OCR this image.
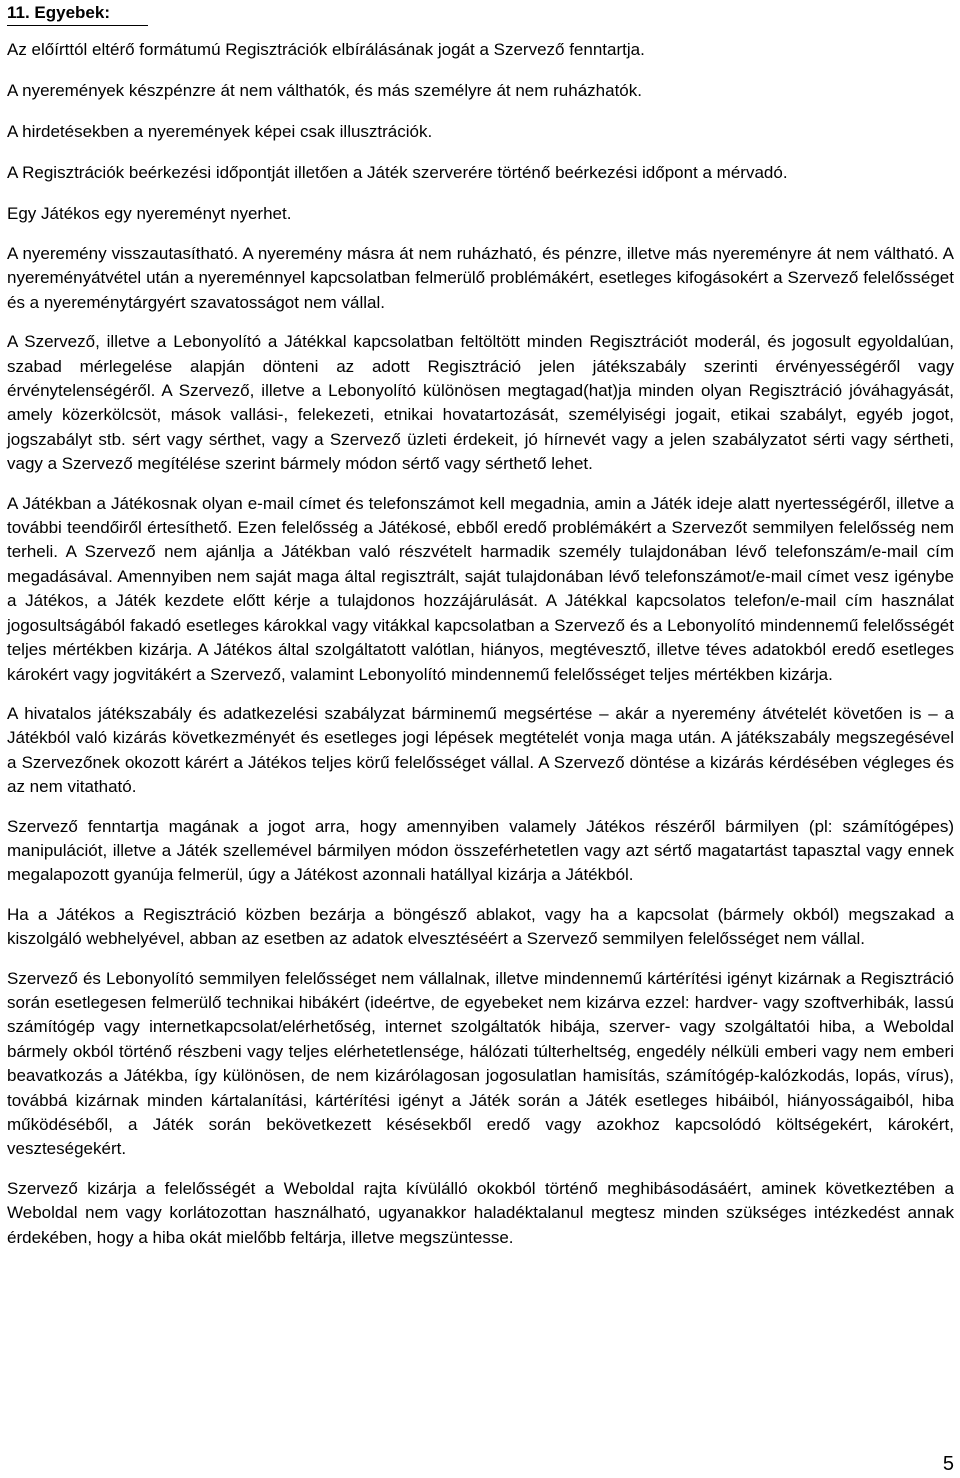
11. Egyebek:

Az előírttól eltérő formátumú Regisztrációk elbírálásának jogát a Szervező fenntartja.

A nyeremények készpénzre át nem válthatók, és más személyre át nem ruházhatók.

A hirdetésekben a nyeremények képei csak illusztrációk.

A Regisztrációk beérkezési időpontját illetően a Játék szerverére történő beérkezési időpont a mérvadó.

Egy Játékos egy nyereményt nyerhet.

A nyeremény visszautasítható. A nyeremény másra át nem ruházható, és pénzre, illetve más nyereményre át nem váltható. A nyereményátvétel után a nyereménnyel kapcsolatban felmerülő problémákért, esetleges kifogásokért a Szervező felelősséget és a nyereménytárgyért szavatosságot nem vállal.

A Szervező, illetve a Lebonyolító a Játékkal kapcsolatban feltöltött minden Regisztrációt moderál, és jogosult egyoldalúan, szabad mérlegelése alapján dönteni az adott Regisztráció jelen játékszabály szerinti érvényességéről vagy érvénytelenségéről. A Szervező, illetve a Lebonyolító különösen megtagad(hat)ja minden olyan Regisztráció jóváhagyását, amely közerkölcsöt, mások vallási-, felekezeti, etnikai hovatartozását, személyiségi jogait, etikai szabályt, egyéb jogot, jogszabályt stb. sért vagy sérthet, vagy a Szervező üzleti érdekeit, jó hírnevét vagy a jelen szabályzatot sérti vagy sértheti, vagy a Szervező megítélése szerint bármely módon sértő vagy sérthető lehet.

A Játékban a Játékosnak olyan e-mail címet és telefonszámot kell megadnia, amin a Játék ideje alatt nyertességéről, illetve a további teendőiről értesíthető. Ezen felelősség a Játékosé, ebből eredő problémákért a Szervezőt semmilyen felelősség nem terheli. A Szervező nem ajánlja a Játékban való részvételt harmadik személy tulajdonában lévő telefonszám/e-mail cím megadásával. Amennyiben nem saját maga által regisztrált, saját tulajdonában lévő telefonszámot/e-mail címet vesz igénybe a Játékos, a Játék kezdete előtt kérje a tulajdonos hozzájárulását. A Játékkal kapcsolatos telefon/e-mail cím használat jogosultságából fakadó esetleges károkkal vagy vitákkal kapcsolatban a Szervező és a Lebonyolító mindennemű felelősségét teljes mértékben kizárja. A Játékos által szolgáltatott valótlan, hiányos, megtévesztő, illetve téves adatokból eredő esetleges károkért vagy jogvitákért a Szervező, valamint Lebonyolító mindennemű felelősséget teljes mértékben kizárja.

A hivatalos játékszabály és adatkezelési szabályzat bárminemű megsértése – akár a nyeremény átvételét követően is – a Játékból való kizárás következményét és esetleges jogi lépések megtételét vonja maga után. A játékszabály megszegésével a Szervezőnek okozott kárért a Játékos teljes körű felelősséget vállal. A Szervező döntése a kizárás kérdésében végleges és az nem vitatható.

Szervező fenntartja magának a jogot arra, hogy amennyiben valamely Játékos részéről bármilyen (pl: számítógépes) manipulációt, illetve a Játék szellemével bármilyen módon összeférhetetlen vagy azt sértő magatartást tapasztal vagy ennek megalapozott gyanúja felmerül, úgy a Játékost azonnali hatállyal kizárja a Játékból.

Ha a Játékos a Regisztráció közben bezárja a böngésző ablakot, vagy ha a kapcsolat (bármely okból) megszakad a kiszolgáló webhelyével, abban az esetben az adatok elvesztéséért a Szervező semmilyen felelősséget nem vállal.

Szervező és Lebonyolító semmilyen felelősséget nem vállalnak, illetve mindennemű kártérítési igényt kizárnak a Regisztráció során esetlegesen felmerülő technikai hibákért (ideértve, de egyebeket nem kizárva ezzel: hardver- vagy szoftverhibák, lassú számítógép vagy internetkapcsolat/elérhetőség, internet szolgáltatók hibája, szerver- vagy szolgáltatói hiba, a Weboldal bármely okból történő részbeni vagy teljes elérhetetlensége, hálózati túlterheltség, engedély nélküli emberi vagy nem emberi beavatkozás a Játékba, így különösen, de nem kizárólagosan jogosulatlan hamisítás, számítógép-kalózkodás, lopás, vírus), továbbá kizárnak minden kártalanítási, kártérítési igényt a Játék során a Játék esetleges hibáiból, hiányosságaiból, hiba működéséből, a Játék során bekövetkezett késésekből eredő vagy azokhoz kapcsolódó költségekért, károkért, veszteségekért.

Szervező kizárja a felelősségét a Weboldal rajta kívülálló okokból történő meghibásodásáért, aminek következtében a Weboldal nem vagy korlátozottan használható, ugyanakkor haladéktalanul megtesz minden szükséges intézkedést annak érdekében, hogy a hiba okát mielőbb feltárja, illetve megszüntesse.

5
